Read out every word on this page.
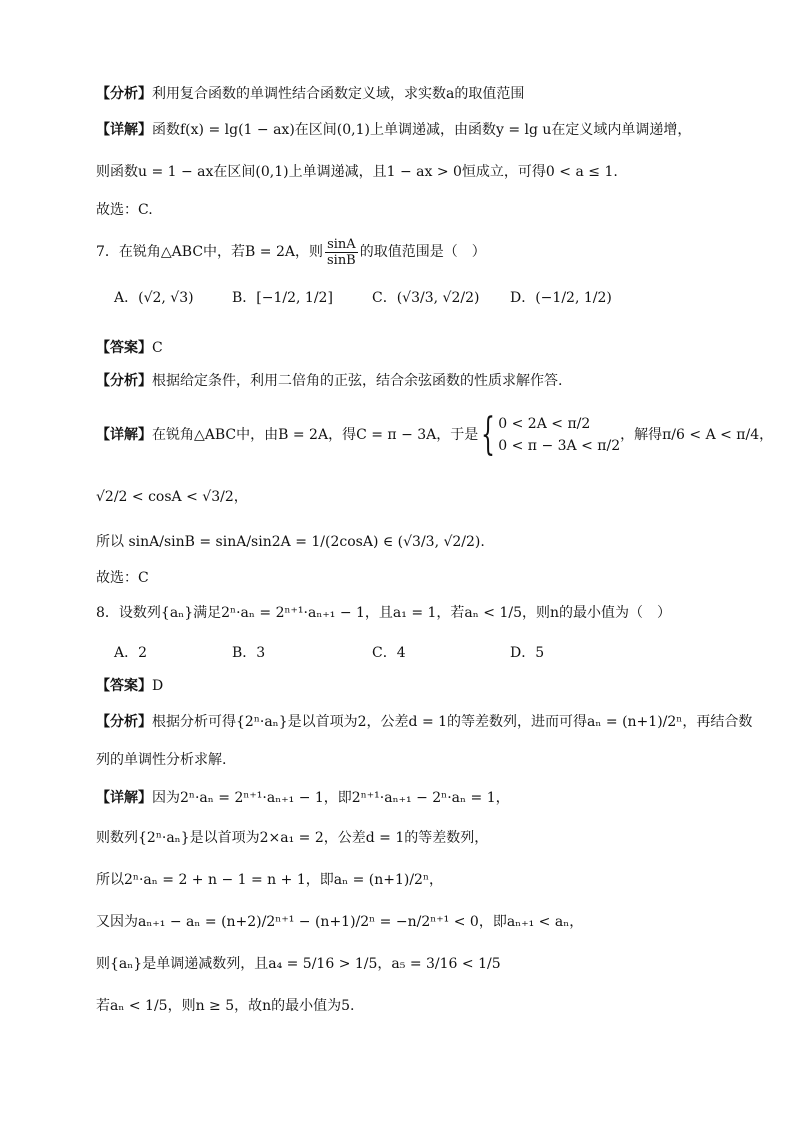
【分析】利用复合函数的单调性结合函数定义域，求实数a的取值范围
【详解】函数f(x) = lg(1 − ax)在区间(0,1)上单调递减，由函数y = lg u在定义域内单调递增，
则函数u = 1 − ax在区间(0,1)上单调递减，且1 − ax > 0恒成立，可得0 < a ≤ 1.
故选：C.
7．在锐角△ABC中，若B = 2A，则 $\frac{\sin A}{\sin B}$ 的取值范围是（　）
A．(√2, √3)	B．[−1/2, 1/2]	C．(√3/3, √2/2) D．(−1/2, 1/2)
【答案】C
【分析】根据给定条件，利用二倍角的正弦，结合余弦函数的性质求解作答.
【详解】在锐角△ABC中，由B = 2A，得C = π − 3A，于是{ 0 < 2A < π/2
0 < π − 3A < π/2
，解得π/6 < A < π/4，
√2/2 < cosA < √3/2，
所以 sinA/sinB = sinA/sin2A = 1/(2cosA) ∈ (√3/3, √2/2).
故选：C
8．设数列{aₙ}满足2ⁿ·aₙ = 2ⁿ⁺¹·aₙ₊₁ − 1，且a₁ = 1，若aₙ < 1/5，则n的最小值为（　）
A．2	B．3	C．4	D．5
【答案】D
【分析】根据分析可得{2ⁿ·aₙ}是以首项为2，公差d = 1的等差数列，进而可得aₙ = (n+1)/2ⁿ，再结合数
列的单调性分析求解.
【详解】因为2ⁿ·aₙ = 2ⁿ⁺¹·aₙ₊₁ − 1，即2ⁿ⁺¹·aₙ₊₁ − 2ⁿ·aₙ = 1，
则数列{2ⁿ·aₙ}是以首项为2×a₁ = 2，公差d = 1的等差数列，
所以2ⁿ·aₙ = 2 + n − 1 = n + 1，即aₙ = (n+1)/2ⁿ，
又因为aₙ₊₁ − aₙ = (n+2)/2ⁿ⁺¹ − (n+1)/2ⁿ = −n/2ⁿ⁺¹ < 0，即aₙ₊₁ < aₙ，
则{aₙ}是单调递减数列，且a₄ = 5/16 > 1/5，a₅ = 3/16 < 1/5
若aₙ < 1/5，则n ≥ 5，故n的最小值为5.
